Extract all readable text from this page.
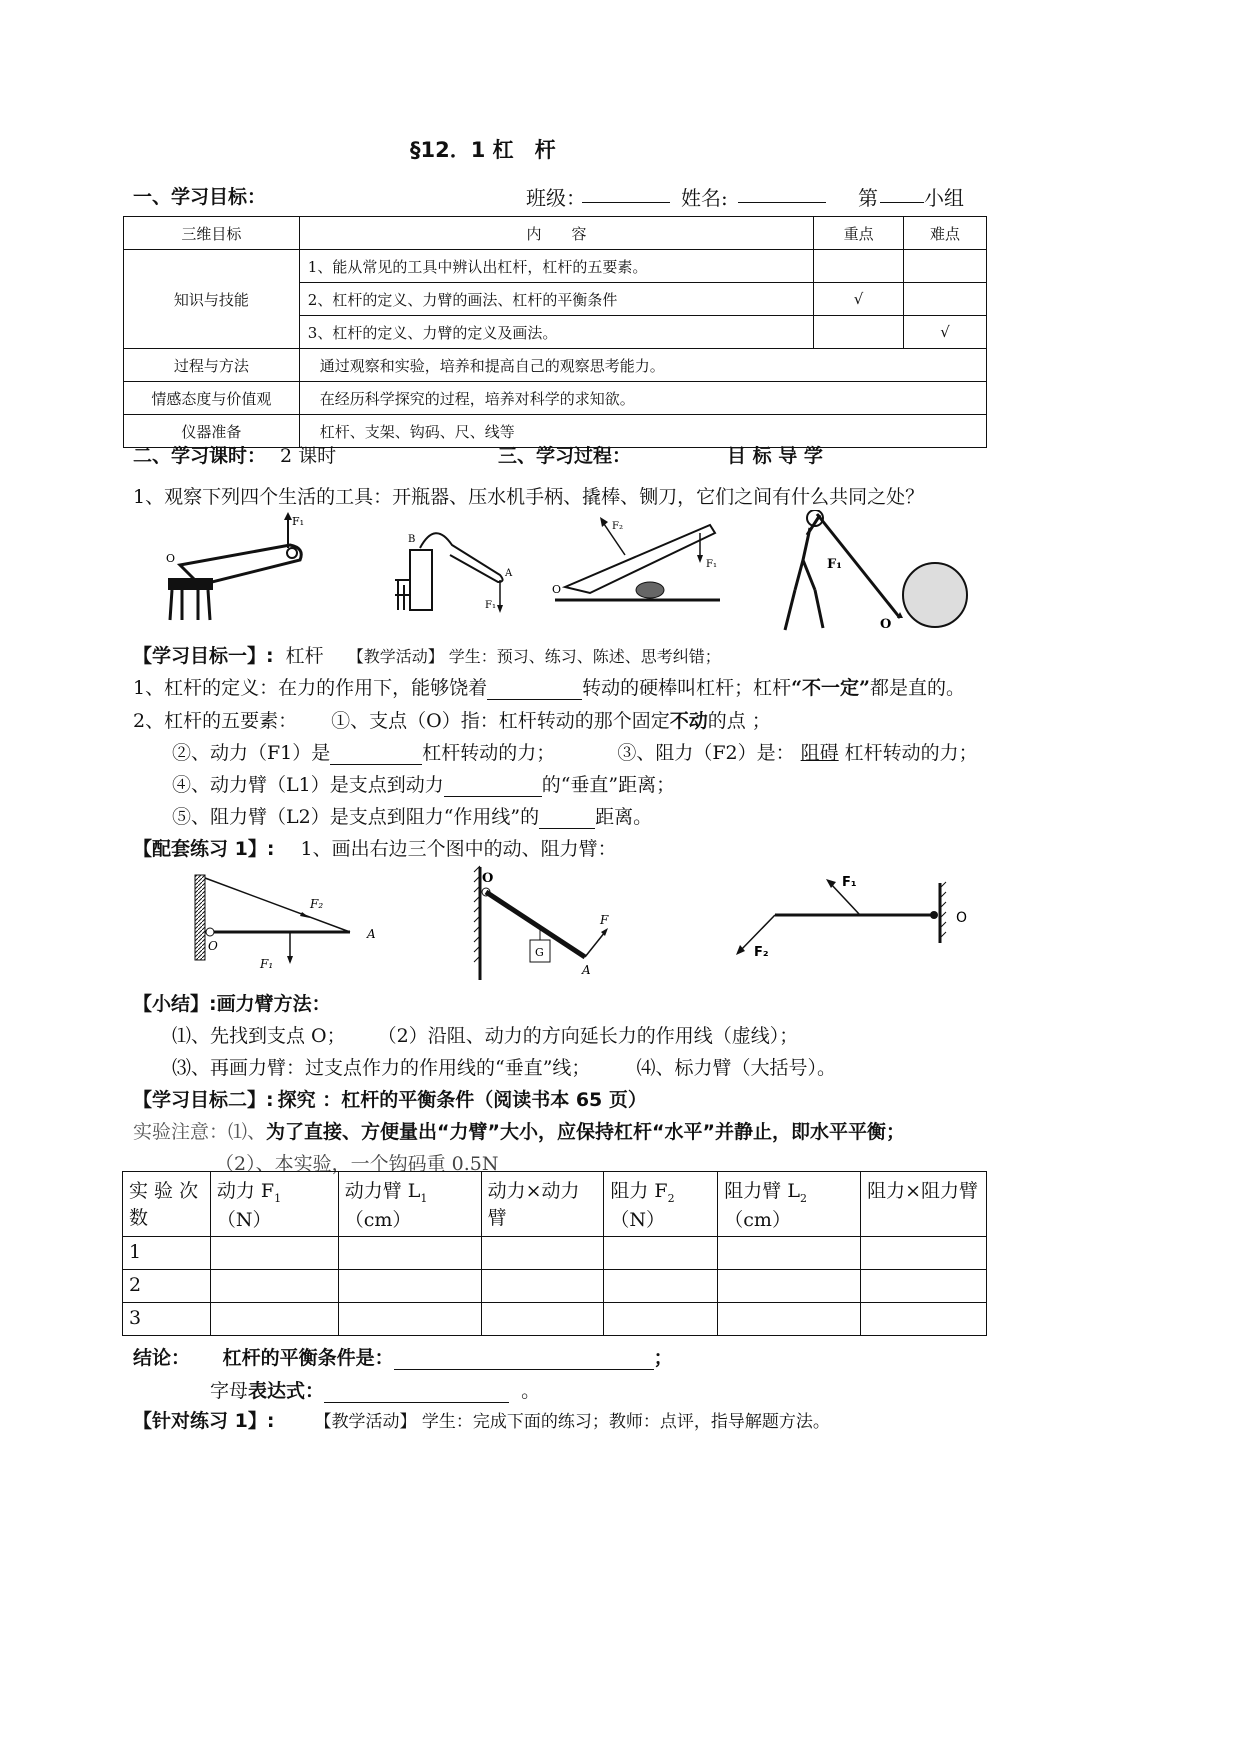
§12．1 杠　杆
一、学习目标：	班级：	姓名:	第 小组
三维目标	内　　容	重点	难点
知识与技能	1、能从常见的工具中辨认出杠杆，杠杆的五要素。		
	2、杠杆的定义、力臂的画法、杠杆的平衡条件	√	
	3、杠杆的定义、力臂的定义及画法。		√
过程与方法	通过观察和实验，培养和提高自己的观察思考能力。		
情感态度与价值观	在经历科学探究的过程，培养对科学的求知欲。		
仪器准备	杠杆、支架、钩码、尺、线等		
二、学习课时： 2 课时	三、学习过程：	目 标 导 学
1、观察下列四个生活的工具：开瓶器、压水机手柄、撬棒、铡刀，它们之间有什么共同之处？
F₁
O
B
A
F₁
F₂
F₁
O
F₁
O
【学习目标一】: 杠杆 【教学活动】 学生：预习、练习、陈述、思考纠错；
1、杠杆的定义：在力的作用下，能够饶着	转动的硬棒叫杠杆；杠杆“不一定”都是直的。
2、杠杆的五要素： ①、支点（O）指：杠杆转动的那个固定不动的点 ；
②、动力（F1）是	杠杆转动的力；	③、阻力（F2）是： 阻碍 杠杆转动的力；
④、动力臂（L1）是支点到动力	的“垂直”距离；
⑤、阻力臂（L2）是支点到阻力“作用线”的	距离。
【配套练习 1】: 1、画出右边三个图中的动、阻力臂：
F₂
A
O
F₁
O
G
F
A
F₁
F₂
O
【小结】:画力臂方法：
⑴、先找到支点 O； （2）沿阻、动力的方向延长力的作用线（虚线）；
⑶、再画力臂：过支点作力的作用线的“垂直”线； ⑷、标力臂（大括号）。
【学习目标二】: 探究 ：杠杆的平衡条件（阅读书本 65 页）
实验注意：⑴、为了直接、方便量出“力臂”大小，应保持杠杆“水平”并静止，即水平平衡；
（2）、本实验，一个钩码重 0.5N
实 验 次数	动力 $F_1(N)$	动力臂 $L_1(cm)$	动力×动力臂	阻力 $F_2(N)$	阻力臂 $L_2(cm)$	阻力×阻力臂
1						
2						
3						
结论： 杠杆的平衡条件是：	；
字母表达式：	。
【针对练习 1】: 【教学活动】 学生：完成下面的练习；教师：点评，指导解题方法。
